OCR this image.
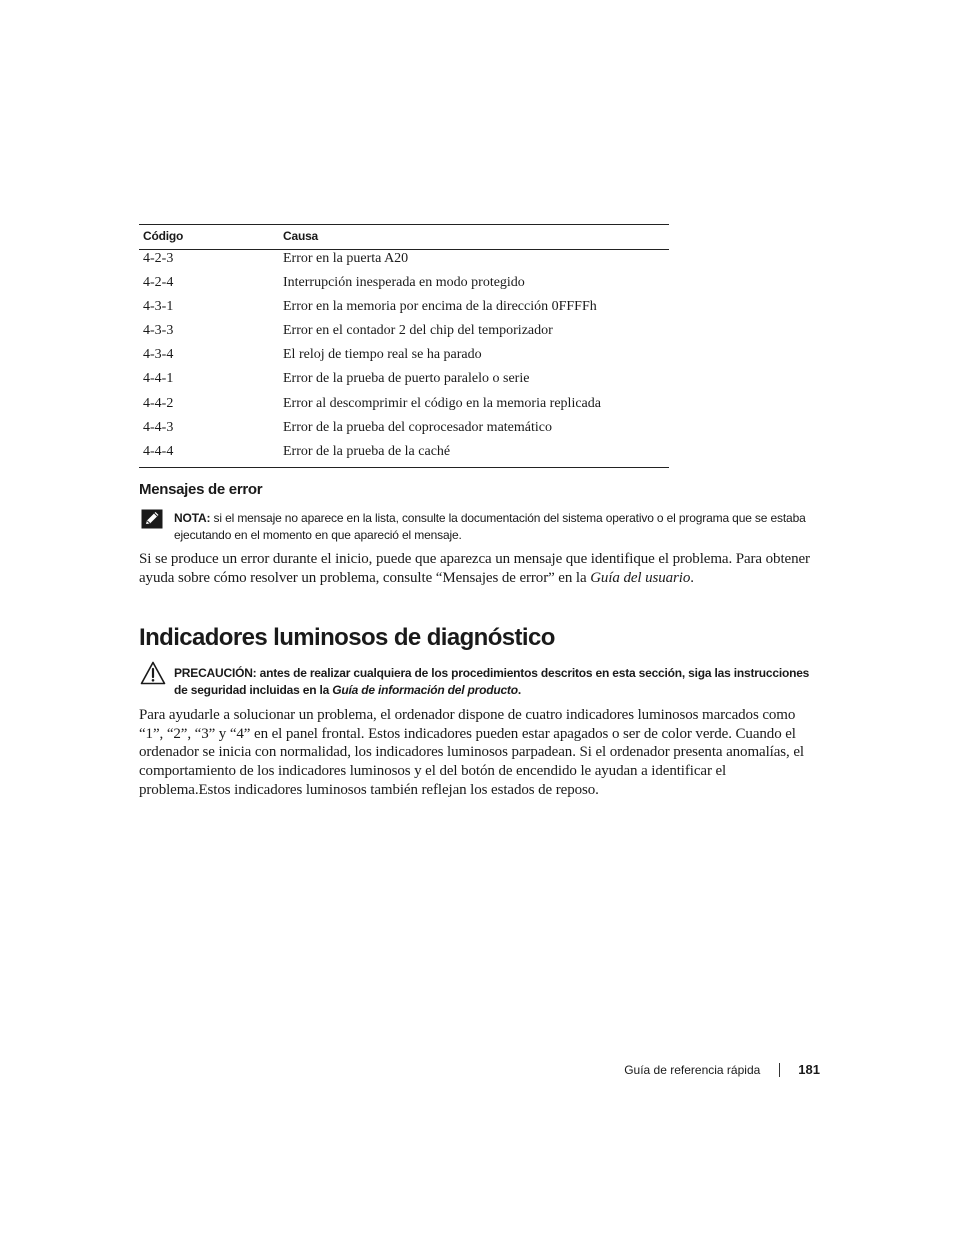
Código	Causa
4-2-3	Error en la puerta A20
4-2-4	Interrupción inesperada en modo protegido
4-3-1	Error en la memoria por encima de la dirección 0FFFFh
4-3-3	Error en el contador 2 del chip del temporizador
4-3-4	El reloj de tiempo real se ha parado
4-4-1	Error de la prueba de puerto paralelo o serie
4-4-2	Error al descomprimir el código en la memoria replicada
4-4-3	Error de la prueba del coprocesador matemático
4-4-4	Error de la prueba de la caché
Mensajes de error
NOTA: si el mensaje no aparece en la lista, consulte la documentación del sistema operativo o el programa que se estaba ejecutando en el momento en que apareció el mensaje.
Si se produce un error durante el inicio, puede que aparezca un mensaje que identifique el problema. Para obtener ayuda sobre cómo resolver un problema, consulte “Mensajes de error” en la Guía del usuario.
Indicadores luminosos de diagnóstico
PRECAUCIÓN: antes de realizar cualquiera de los procedimientos descritos en esta sección, siga las instrucciones de seguridad incluidas en la Guía de información del producto.
Para ayudarle a solucionar un problema, el ordenador dispone de cuatro indicadores luminosos marcados como “1”, “2”, “3” y “4” en el panel frontal. Estos indicadores pueden estar apagados o ser de color verde. Cuando el ordenador se inicia con normalidad, los indicadores luminosos parpadean. Si el ordenador presenta anomalías, el comportamiento de los indicadores luminosos y el del botón de encendido le ayudan a identificar el problema.Estos indicadores luminosos también reflejan los estados de reposo.
Guía de referencia rápida	181
